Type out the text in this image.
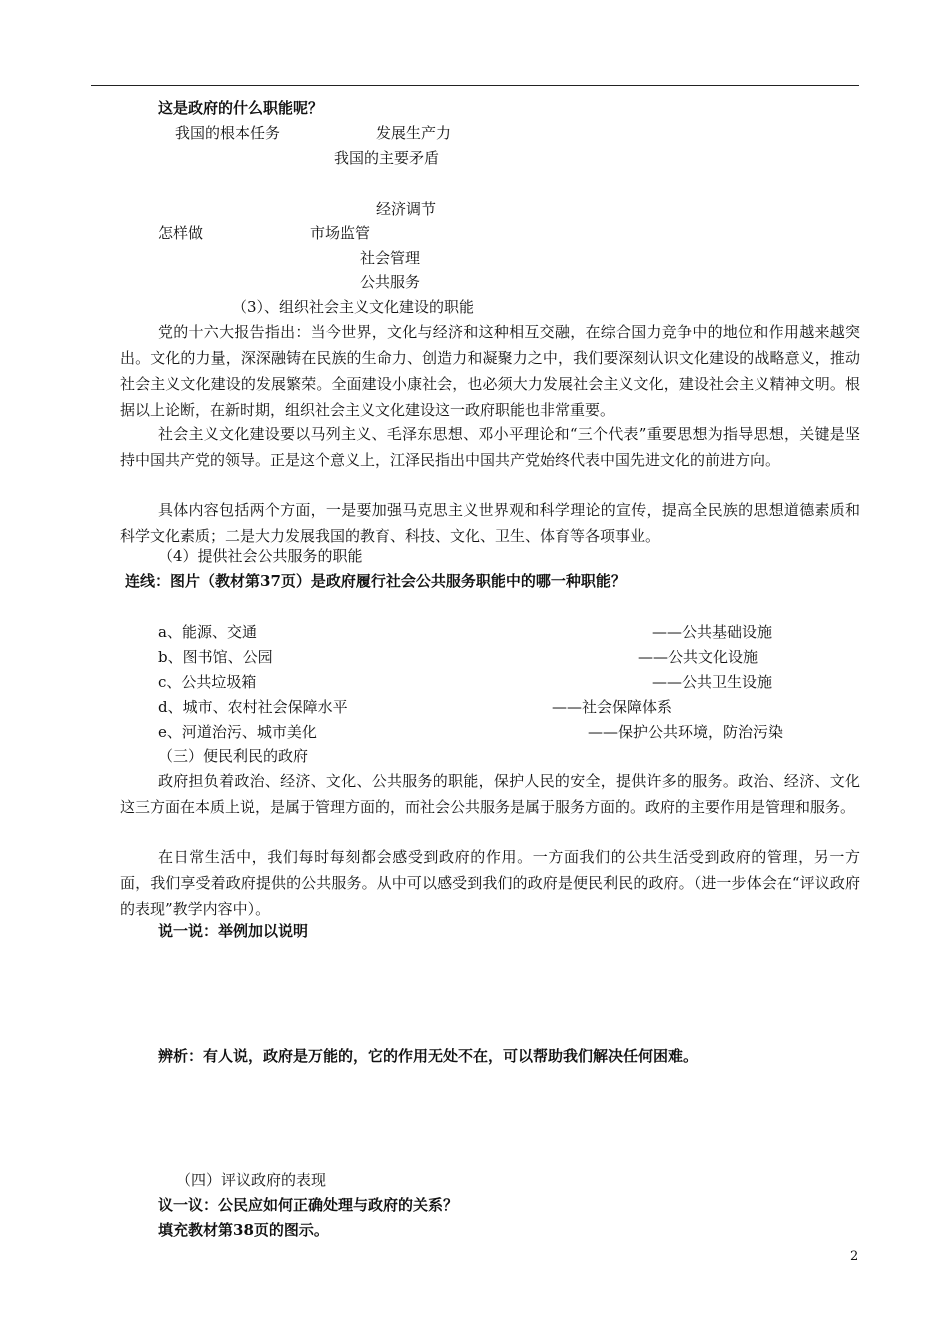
这是政府的什么职能呢？
我国的根本任务	发展生产力
我国的主要矛盾
经济调节
怎样做	市场监管
社会管理
公共服务
（3）、组织社会主义文化建设的职能

党的十六大报告指出：当今世界，文化与经济和这种相互交融，在综合国力竞争中的地位和作用越来越突出。文化的力量，深深融铸在民族的生命力、创造力和凝聚力之中，我们要深刻认识文化建设的战略意义，推动社会主义文化建设的发展繁荣。全面建设小康社会，也必须大力发展社会主义文化，建设社会主义精神文明。根据以上论断，在新时期，组织社会主义文化建设这一政府职能也非常重要。

社会主义文化建设要以马列主义、毛泽东思想、邓小平理论和“三个代表”重要思想为指导思想，关键是坚持中国共产党的领导。正是这个意义上，江泽民指出中国共产党始终代表中国先进文化的前进方向。

具体内容包括两个方面，一是要加强马克思主义世界观和科学理论的宣传，提高全民族的思想道德素质和科学文化素质；二是大力发展我国的教育、科技、文化、卫生、体育等各项事业。

（4）提供社会公共服务的职能
连线：图片（教材第37页）是政府履行社会公共服务职能中的哪一种职能？
a、能源、交通	——公共基础设施
b、图书馆、公园	——公共文化设施
c、公共垃圾箱	——公共卫生设施
d、城市、农村社会保障水平	——社会保障体系
e、河道治污、城市美化	——保护公共环境，防治污染
（三）便民利民的政府

政府担负着政治、经济、文化、公共服务的职能，保护人民的安全，提供许多的服务。政治、经济、文化这三方面在本质上说，是属于管理方面的，而社会公共服务是属于服务方面的。政府的主要作用是管理和服务。

在日常生活中，我们每时每刻都会感受到政府的作用。一方面我们的公共生活受到政府的管理，另一方面，我们享受着政府提供的公共服务。从中可以感受到我们的政府是便民利民的政府。（进一步体会在“评议政府的表现”教学内容中）。

说一说：举例加以说明
辨析：有人说，政府是万能的，它的作用无处不在，可以帮助我们解决任何困难。
（四）评议政府的表现
议一议：公民应如何正确处理与政府的关系？
填充教材第38页的图示。
2
